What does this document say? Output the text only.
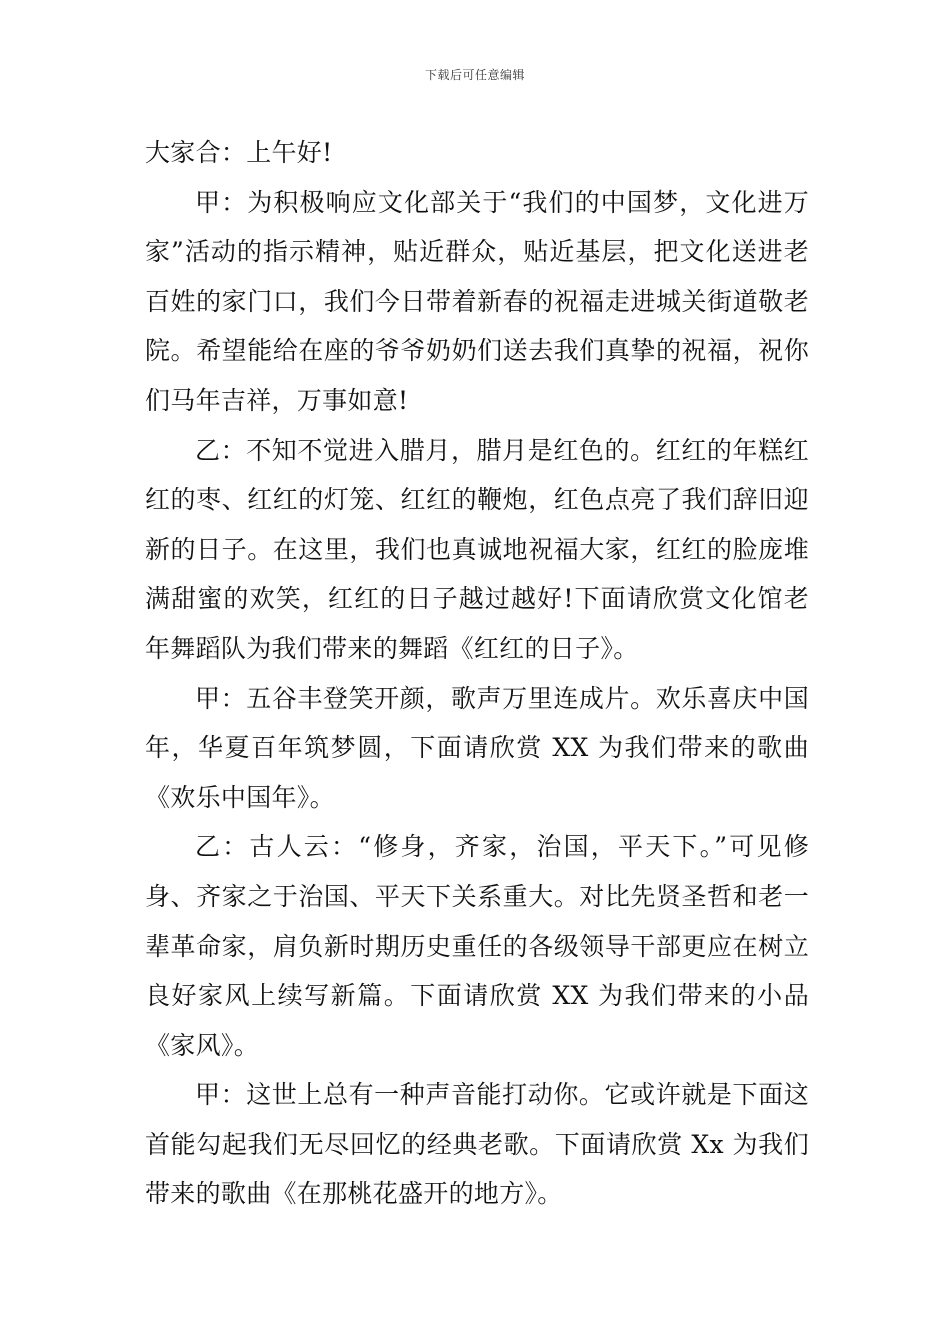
下载后可任意编辑

大家合：上午好!

甲：为积极响应文化部关于“我们的中国梦，文化进万家”活动的指示精神，贴近群众，贴近基层，把文化送进老百姓的家门口，我们今日带着新春的祝福走进城关街道敬老院。希望能给在座的爷爷奶奶们送去我们真挚的祝福，祝你们马年吉祥，万事如意!

乙：不知不觉进入腊月，腊月是红色的。红红的年糕红红的枣、红红的灯笼、红红的鞭炮，红色点亮了我们辞旧迎新的日子。在这里，我们也真诚地祝福大家，红红的脸庞堆满甜蜜的欢笑，红红的日子越过越好!下面请欣赏文化馆老年舞蹈队为我们带来的舞蹈《红红的日子》。

甲：五谷丰登笑开颜，歌声万里连成片。欢乐喜庆中国年，华夏百年筑梦圆，下面请欣赏 XX 为我们带来的歌曲《欢乐中国年》。

乙：古人云：“修身，齐家，治国，平天下。”可见修身、齐家之于治国、平天下关系重大。对比先贤圣哲和老一辈革命家，肩负新时期历史重任的各级领导干部更应在树立良好家风上续写新篇。下面请欣赏 XX 为我们带来的小品《家风》。

甲：这世上总有一种声音能打动你。它或许就是下面这首能勾起我们无尽回忆的经典老歌。下面请欣赏 Xx 为我们带来的歌曲《在那桃花盛开的地方》。
